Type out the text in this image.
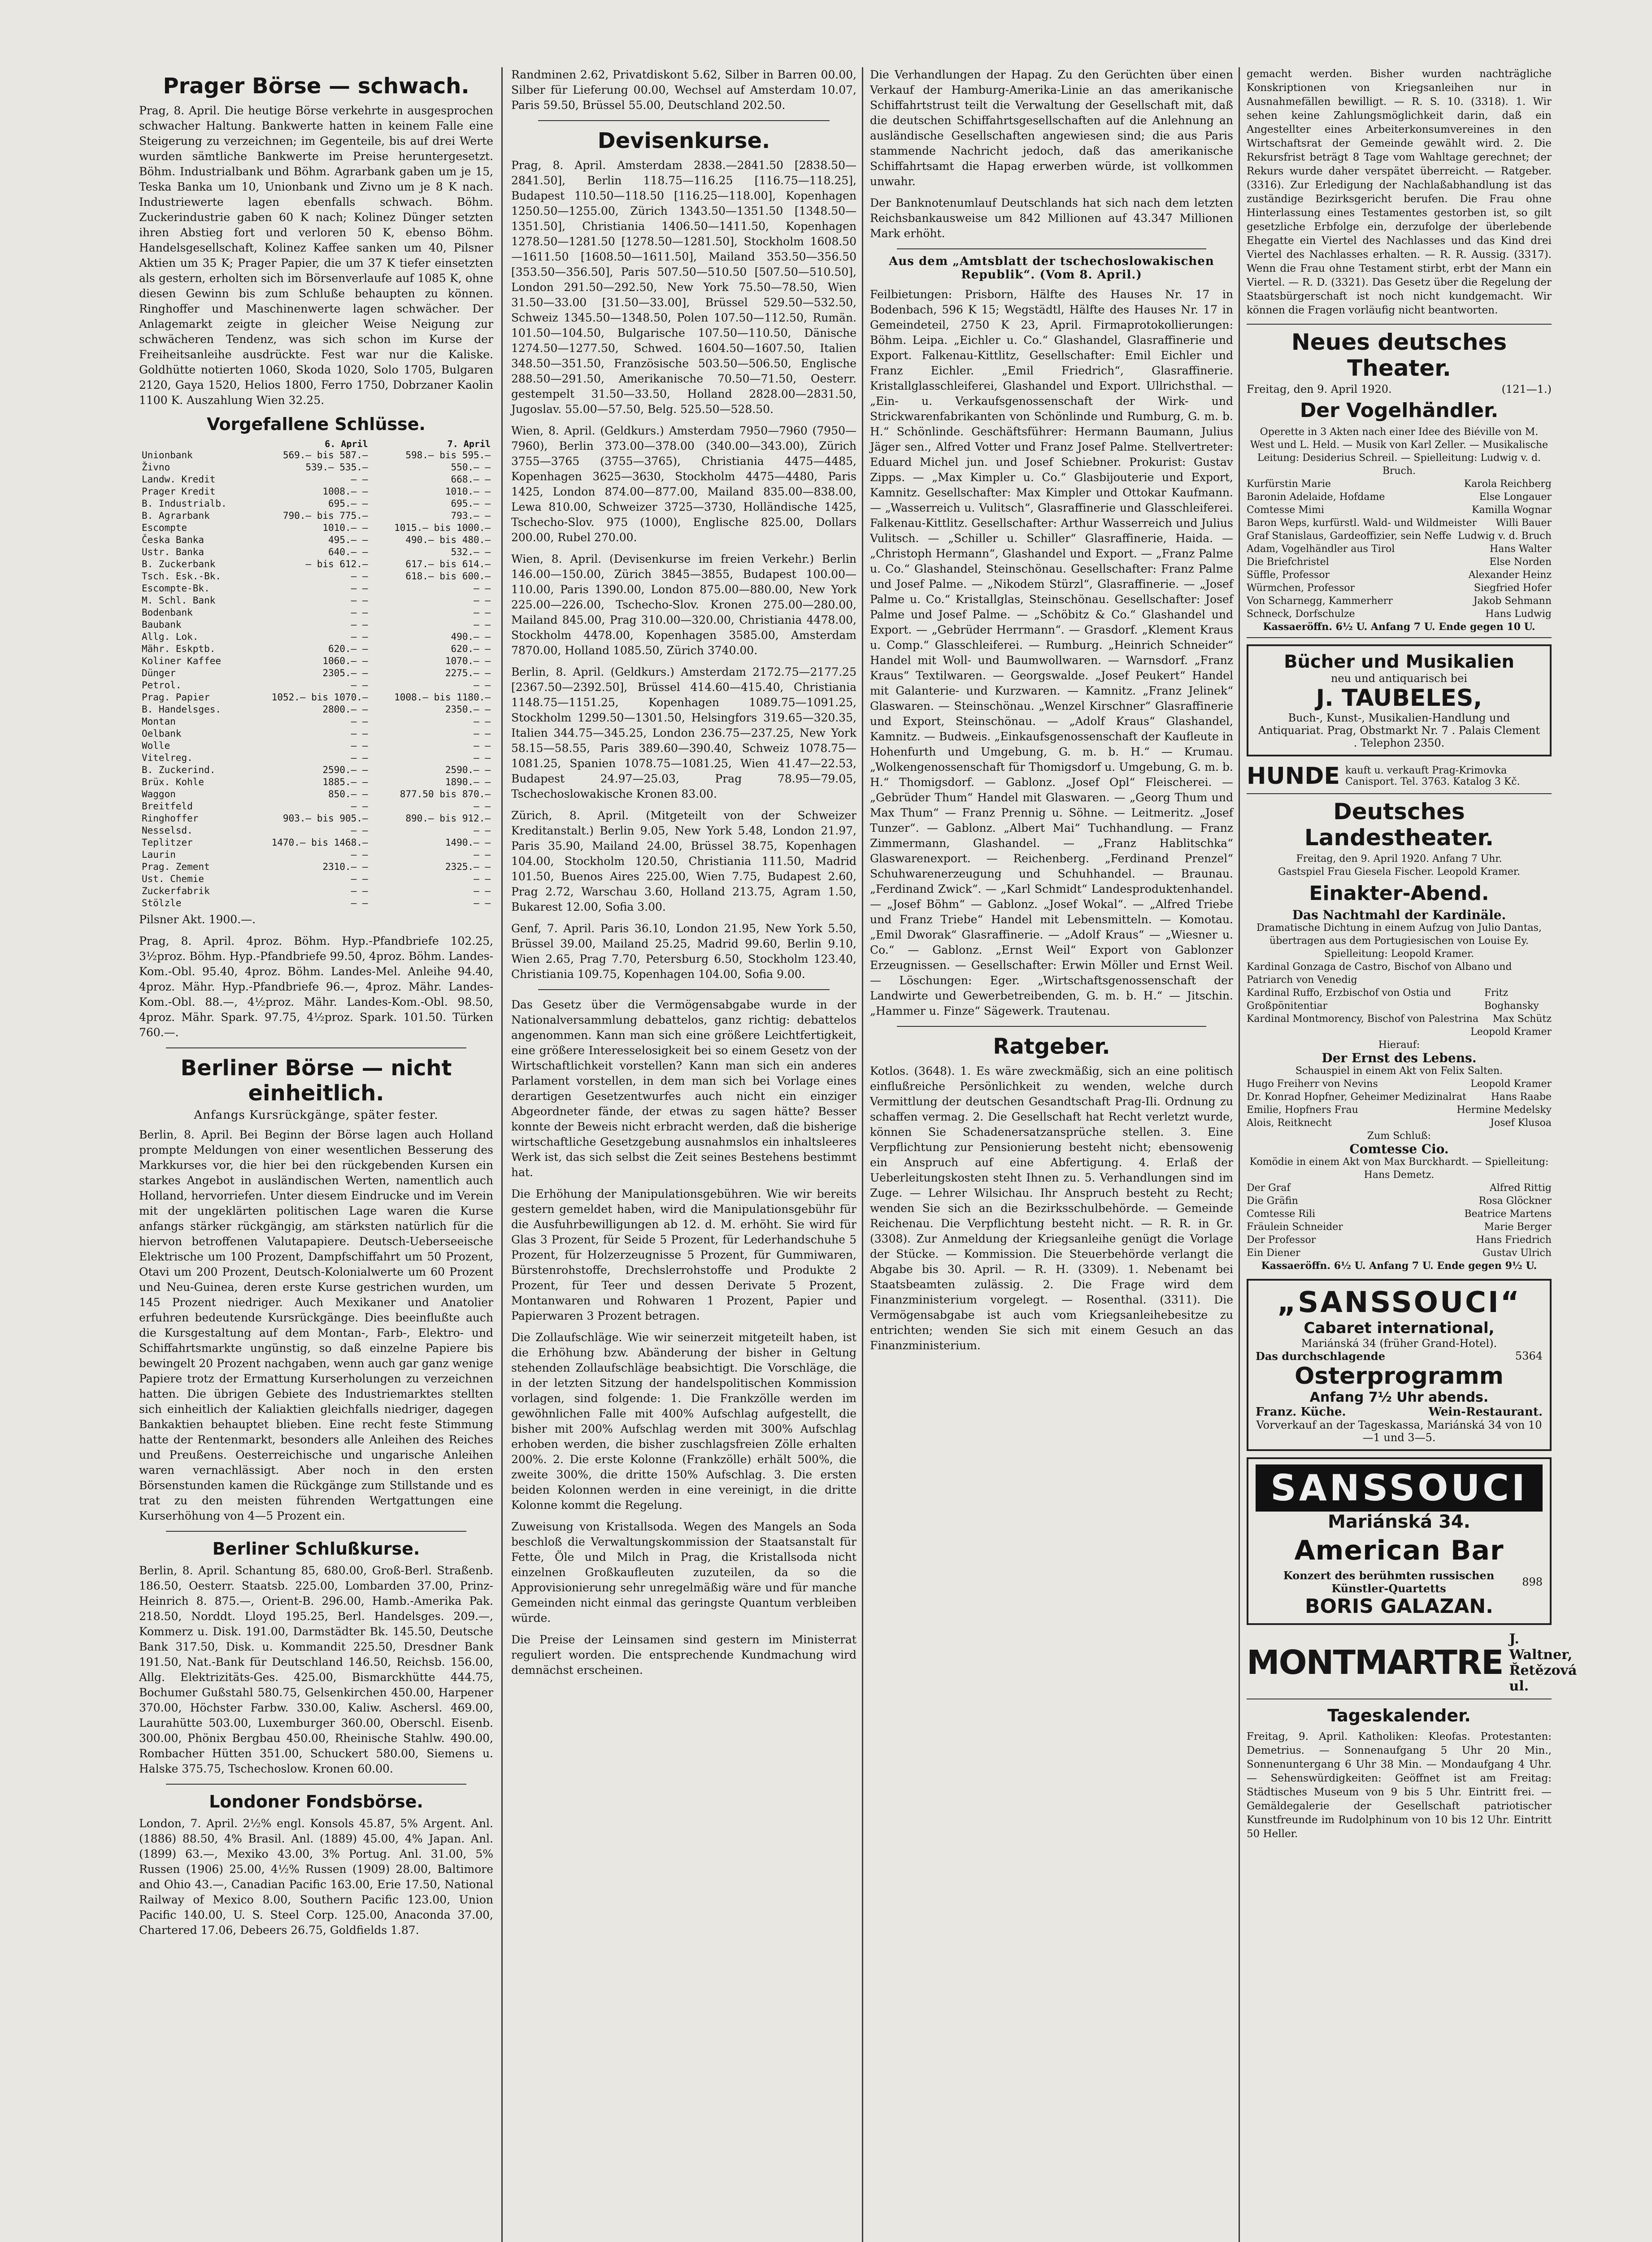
Prager Börse — schwach.

Prag, 8. April. Die heutige Börse verkehrte in ausgesprochen schwacher Haltung. Bankwerte hatten in keinem Falle eine Steigerung zu verzeichnen; im Gegenteile, bis auf drei Werte wurden sämtliche Bankwerte im Preise heruntergesetzt. Böhm. Industrialbank und Böhm. Agrarbank gaben um je 15, Teska Banka um 10, Unionbank und Zivno um je 8 K nach. Industriewerte lagen ebenfalls schwach. Böhm. Zuckerindustrie gaben 60 K nach; Kolinez Dünger setzten ihren Abstieg fort und verloren 50 K, ebenso Böhm. Handelsgesellschaft, Kolinez Kaffee sanken um 40, Pilsner Aktien um 35 K; Prager Papier, die um 37 K tiefer einsetzten als gestern, erholten sich im Börsenverlaufe auf 1085 K, ohne diesen Gewinn bis zum Schluße behaupten zu können. Ringhoffer und Maschinenwerte lagen schwächer. Der Anlagemarkt zeigte in gleicher Weise Neigung zur schwächeren Tendenz, was sich schon im Kurse der Freiheitsanleihe ausdrückte. Fest war nur die Kaliske. Goldhütte notierten 1060, Skoda 1020, Solo 1705, Bulgaren 2120, Gaya 1520, Helios 1800, Ferro 1750, Dobrzaner Kaolin 1100 K. Auszahlung Wien 32.25.

Vorgefallene Schlüsse.
	6. April	7. April
Unionbank	569.— bis 587.—	598.— bis 595.—
Živno	539.— 535.—	550.— —
Landw. Kredit	— —	668.— —
Prager Kredit	1008.— —	1010.— —
B. Industrialb.	695.— —	695.— —
B. Agrarbank	790.— bis 775.—	793.— —
Escompte	1010.— —	1015.— bis 1000.—
Česka Banka	495.— —	490.— bis 480.—
Ustr. Banka	640.— —	532.— —
B. Zuckerbank	— bis 612.—	617.— bis 614.—
Tsch. Esk.-Bk.	— —	618.— bis 600.—
Escompte-Bk.	— —	— —
M. Schl. Bank	— —	— —
Bodenbank	— —	— —
Baubank	— —	— —
Allg. Lok.	— —	490.— —
Mähr. Eskptb.	620.— —	620.— —
Koliner Kaffee	1060.— —	1070.— —
Dünger	2305.— —	2275.— —
Petrol.	— —	— —
Prag. Papier	1052.— bis 1070.—	1008.— bis 1180.—
B. Handelsges.	2800.— —	2350.— —
Montan	— —	— —
Oelbank	— —	— —
Wolle	— —	— —
Vitelreg.	— —	— —
B. Zuckerind.	2590.— —	2590.— —
Brüx. Kohle	1885.— —	1890.— —
Waggon	850.— —	877.50 bis 870.—
Breitfeld	— —	— —
Ringhoffer	903.— bis 905.—	890.— bis 912.—
Nesselsd.	— —	— —
Teplitzer	1470.— bis 1468.—	1490.— —
Laurin	— —	— —
Prag. Zement	2310.— —	2325.— —
Ust. Chemie	— —	— —
Zuckerfabrik	— —	— —
Stölzle	— —	— —

Pilsner Akt. 1900.—.

Prag, 8. April. 4proz. Böhm. Hyp.-Pfandbriefe 102.25, 3½proz. Böhm. Hyp.-Pfandbriefe 99.50, 4proz. Böhm. Landes-Kom.-Obl. 95.40, 4proz. Böhm. Landes-Mel. Anleihe 94.40, 4proz. Mähr. Hyp.-Pfandbriefe 96.—, 4proz. Mähr. Landes-Kom.-Obl. 88.—, 4½proz. Mähr. Landes-Kom.-Obl. 98.50, 4proz. Mähr. Spark. 97.75, 4½proz. Spark. 101.50. Türken 760.—.

Berliner Börse — nicht einheitlich.
Anfangs Kursrückgänge, später fester.

Berlin, 8. April. Bei Beginn der Börse lagen auch Holland prompte Meldungen von einer wesentlichen Besserung des Markkurses vor, die hier bei den rückgebenden Kursen ein starkes Angebot in ausländischen Werten, namentlich auch Holland, hervorriefen. Unter diesem Eindrucke und im Verein mit der ungeklärten politischen Lage waren die Kurse anfangs stärker rückgängig, am stärksten natürlich für die hiervon betroffenen Valutapapiere. Deutsch-Ueberseeische Elektrische um 100 Prozent, Dampfschiffahrt um 50 Prozent, Otavi um 200 Prozent, Deutsch-Kolonialwerte um 60 Prozent und Neu-Guinea, deren erste Kurse gestrichen wurden, um 145 Prozent niedriger. Auch Mexikaner und Anatolier erfuhren bedeutende Kursrückgänge. Dies beeinflußte auch die Kursgestaltung auf dem Montan-, Farb-, Elektro- und Schiffahrtsmarkte ungünstig, so daß einzelne Papiere bis bewingelt 20 Prozent nachgaben, wenn auch gar ganz wenige Papiere trotz der Ermattung Kurserholungen zu verzeichnen hatten. Die übrigen Gebiete des Industriemarktes stellten sich einheitlich der Kaliaktien gleichfalls niedriger, dagegen Bankaktien behauptet blieben. Eine recht feste Stimmung hatte der Rentenmarkt, besonders alle Anleihen des Reiches und Preußens. Oesterreichische und ungarische Anleihen waren vernachlässigt. Aber noch in den ersten Börsenstunden kamen die Rückgänge zum Stillstande und es trat zu den meisten führenden Wertgattungen eine Kurserhöhung von 4—5 Prozent ein.

Berliner Schlußkurse.

Berlin, 8. April. Schantung 85, 680.00, Groß-Berl. Straßenb. 186.50, Oesterr. Staatsb. 225.00, Lombarden 37.00, Prinz-Heinrich 8. 875.—, Orient-B. 296.00, Hamb.-Amerika Pak. 218.50, Norddt. Lloyd 195.25, Berl. Handelsges. 209.—, Kommerz u. Disk. 191.00, Darmstädter Bk. 145.50, Deutsche Bank 317.50, Disk. u. Kommandit 225.50, Dresdner Bank 191.50, Nat.-Bank für Deutschland 146.50, Reichsb. 156.00, Allg. Elektrizitäts-Ges. 425.00, Bismarckhütte 444.75, Bochumer Gußstahl 580.75, Gelsenkirchen 450.00, Harpener 370.00, Höchster Farbw. 330.00, Kaliw. Aschersl. 469.00, Laurahütte 503.00, Luxemburger 360.00, Oberschl. Eisenb. 300.00, Phönix Bergbau 450.00, Rheinische Stahlw. 490.00, Rombacher Hütten 351.00, Schuckert 580.00, Siemens u. Halske 375.75, Tschechoslow. Kronen 60.00.

Londoner Fondsbörse.

London, 7. April. 2½% engl. Konsols 45.87, 5% Argent. Anl. (1886) 88.50, 4% Brasil. Anl. (1889) 45.00, 4% Japan. Anl. (1899) 63.—, Mexiko 43.00, 3% Portug. Anl. 31.00, 5% Russen (1906) 25.00, 4½% Russen (1909) 28.00, Baltimore and Ohio 43.—, Canadian Pacific 163.00, Erie 17.50, National Railway of Mexico 8.00, Southern Pacific 123.00, Union Pacific 140.00, U. S. Steel Corp. 125.00, Anaconda 37.00, Chartered 17.06, Debeers 26.75, Goldfields 1.87.

Randminen 2.62, Privatdiskont 5.62, Silber in Barren 00.00, Silber für Lieferung 00.00, Wechsel auf Amsterdam 10.07, Paris 59.50, Brüssel 55.00, Deutschland 202.50.

Devisenkurse.

Prag, 8. April. Amsterdam 2838.—2841.50 [2838.50—2841.50], Berlin 118.75—116.25 [116.75—118.25], Budapest 110.50—118.50 [116.25—118.00], Kopenhagen 1250.50—1255.00, Zürich 1343.50—1351.50 [1348.50—1351.50], Christiania 1406.50—1411.50, Kopenhagen 1278.50—1281.50 [1278.50—1281.50], Stockholm 1608.50—1611.50 [1608.50—1611.50], Mailand 353.50—356.50 [353.50—356.50], Paris 507.50—510.50 [507.50—510.50], London 291.50—292.50, New York 75.50—78.50, Wien 31.50—33.00 [31.50—33.00], Brüssel 529.50—532.50, Schweiz 1345.50—1348.50, Polen 107.50—112.50, Rumän. 101.50—104.50, Bulgarische 107.50—110.50, Dänische 1274.50—1277.50, Schwed. 1604.50—1607.50, Italien 348.50—351.50, Französische 503.50—506.50, Englische 288.50—291.50, Amerikanische 70.50—71.50, Oesterr. gestempelt 31.50—33.50, Holland 2828.00—2831.50, Jugoslav. 55.00—57.50, Belg. 525.50—528.50.

Wien, 8. April. (Geldkurs.) Amsterdam 7950—7960 (7950—7960), Berlin 373.00—378.00 (340.00—343.00), Zürich 3755—3765 (3755—3765), Christiania 4475—4485, Kopenhagen 3625—3630, Stockholm 4475—4480, Paris 1425, London 874.00—877.00, Mailand 835.00—838.00, Lewa 810.00, Schweizer 3725—3730, Holländische 1425, Tschecho-Slov. 975 (1000), Englische 825.00, Dollars 200.00, Rubel 270.00.

Wien, 8. April. (Devisenkurse im freien Verkehr.) Berlin 146.00—150.00, Zürich 3845—3855, Budapest 100.00—110.00, Paris 1390.00, London 875.00—880.00, New York 225.00—226.00, Tschecho-Slov. Kronen 275.00—280.00, Mailand 845.00, Prag 310.00—320.00, Christiania 4478.00, Stockholm 4478.00, Kopenhagen 3585.00, Amsterdam 7870.00, Holland 1085.50, Zürich 3740.00.

Berlin, 8. April. (Geldkurs.) Amsterdam 2172.75—2177.25 [2367.50—2392.50], Brüssel 414.60—415.40, Christiania 1148.75—1151.25, Kopenhagen 1089.75—1091.25, Stockholm 1299.50—1301.50, Helsingfors 319.65—320.35, Italien 344.75—345.25, London 236.75—237.25, New York 58.15—58.55, Paris 389.60—390.40, Schweiz 1078.75—1081.25, Spanien 1078.75—1081.25, Wien 41.47—22.53, Budapest 24.97—25.03, Prag 78.95—79.05, Tschechoslowakische Kronen 83.00.

Zürich, 8. April. (Mitgeteilt von der Schweizer Kreditanstalt.) Berlin 9.05, New York 5.48, London 21.97, Paris 35.90, Mailand 24.00, Brüssel 38.75, Kopenhagen 104.00, Stockholm 120.50, Christiania 111.50, Madrid 101.50, Buenos Aires 225.00, Wien 7.75, Budapest 2.60, Prag 2.72, Warschau 3.60, Holland 213.75, Agram 1.50, Bukarest 12.00, Sofia 3.00.

Genf, 7. April. Paris 36.10, London 21.95, New York 5.50, Brüssel 39.00, Mailand 25.25, Madrid 99.60, Berlin 9.10, Wien 2.65, Prag 7.70, Petersburg 6.50, Stockholm 123.40, Christiania 109.75, Kopenhagen 104.00, Sofia 9.00.

Das Gesetz über die Vermögensabgabe wurde in der Nationalversammlung debattelos, ganz richtig: debattelos angenommen. Kann man sich eine größere Leichtfertigkeit, eine größere Interesselosigkeit bei so einem Gesetz von der Wirtschaftlichkeit vorstellen? Kann man sich ein anderes Parlament vorstellen, in dem man sich bei Vorlage eines derartigen Gesetzentwurfes auch nicht ein einziger Abgeordneter fände, der etwas zu sagen hätte? Besser konnte der Beweis nicht erbracht werden, daß die bisherige wirtschaftliche Gesetzgebung ausnahmslos ein inhaltsleeres Werk ist, das sich selbst die Zeit seines Bestehens bestimmt hat.

Die Erhöhung der Manipulationsgebühren. Wie wir bereits gestern gemeldet haben, wird die Manipulationsgebühr für die Ausfuhrbewilligungen ab 12. d. M. erhöht. Sie wird für Glas 3 Prozent, für Seide 5 Prozent, für Lederhandschuhe 5 Prozent, für Holzerzeugnisse 5 Prozent, für Gummiwaren, Bürstenrohstoffe, Drechslerrohstoffe und Produkte 2 Prozent, für Teer und dessen Derivate 5 Prozent, Montanwaren und Rohwaren 1 Prozent, Papier und Papierwaren 3 Prozent betragen.

Die Zollaufschläge. Wie wir seinerzeit mitgeteilt haben, ist die Erhöhung bzw. Abänderung der bisher in Geltung stehenden Zollaufschläge beabsichtigt. Die Vorschläge, die in der letzten Sitzung der handelspolitischen Kommission vorlagen, sind folgende: 1. Die Frankzölle werden im gewöhnlichen Falle mit 400% Aufschlag aufgestellt, die bisher mit 200% Aufschlag werden mit 300% Aufschlag erhoben werden, die bisher zuschlagsfreien Zölle erhalten 200%. 2. Die erste Kolonne (Frankzölle) erhält 500%, die zweite 300%, die dritte 150% Aufschlag. 3. Die ersten beiden Kolonnen werden in eine vereinigt, in die dritte Kolonne kommt die Regelung.

Zuweisung von Kristallsoda. Wegen des Mangels an Soda beschloß die Verwaltungskommission der Staatsanstalt für Fette, Öle und Milch in Prag, die Kristallsoda nicht einzelnen Großkaufleuten zuzuteilen, da so die Approvisionierung sehr unregelmäßig wäre und für manche Gemeinden nicht einmal das geringste Quantum verbleiben würde.

Die Preise der Leinsamen sind gestern im Ministerrat reguliert worden. Die entsprechende Kundmachung wird demnächst erscheinen.

Die Verhandlungen der Hapag. Zu den Gerüchten über einen Verkauf der Hamburg-Amerika-Linie an das amerikanische Schiffahrtstrust teilt die Verwaltung der Gesellschaft mit, daß die deutschen Schiffahrtsgesellschaften auf die Anlehnung an ausländische Gesellschaften angewiesen sind; die aus Paris stammende Nachricht jedoch, daß das amerikanische Schiffahrtsamt die Hapag erwerben würde, ist vollkommen unwahr.

Der Banknotenumlauf Deutschlands hat sich nach dem letzten Reichsbankausweise um 842 Millionen auf 43.347 Millionen Mark erhöht.

Aus dem „Amtsblatt der tschechoslowakischen Republik“. (Vom 8. April.)

Feilbietungen: Prisborn, Hälfte des Hauses Nr. 17 in Bodenbach, 596 K 15; Wegstädtl, Hälfte des Hauses Nr. 17 in Gemeindeteil, 2750 K 23, April. Firmaprotokollierungen: Böhm. Leipa. „Eichler u. Co.“ Glashandel, Glasraffinerie und Export. Falkenau-Kittlitz, Gesellschafter: Emil Eichler und Franz Eichler. „Emil Friedrich“, Glasraffinerie. Kristallglasschleiferei, Glashandel und Export. Ullrichsthal. — „Ein- u. Verkaufsgenossenschaft der Wirk- und Strickwarenfabrikanten von Schönlinde und Rumburg, G. m. b. H.“ Schönlinde. Geschäftsführer: Hermann Baumann, Julius Jäger sen., Alfred Votter und Franz Josef Palme. Stellvertreter: Eduard Michel jun. und Josef Schiebner. Prokurist: Gustav Zipps. — „Max Kimpler u. Co.“ Glasbijouterie und Export, Kamnitz. Gesellschafter: Max Kimpler und Ottokar Kaufmann. — „Wasserreich u. Vulitsch“, Glasraffinerie und Glasschleiferei. Falkenau-Kittlitz. Gesellschafter: Arthur Wasserreich und Julius Vulitsch. — „Schiller u. Schiller“ Glasraffinerie, Haida. — „Christoph Hermann“, Glashandel und Export. — „Franz Palme u. Co.“ Glashandel, Steinschönau. Gesellschafter: Franz Palme und Josef Palme. — „Nikodem Stürzl“, Glasraffinerie. — „Josef Palme u. Co.“ Kristallglas, Steinschönau. Gesellschafter: Josef Palme und Josef Palme. — „Schöbitz & Co.“ Glashandel und Export. — „Gebrüder Herrmann“. — Grasdorf. „Klement Kraus u. Comp.“ Glasschleiferei. — Rumburg. „Heinrich Schneider“ Handel mit Woll- und Baumwollwaren. — Warnsdorf. „Franz Kraus“ Textilwaren. — Georgswalde. „Josef Peukert“ Handel mit Galanterie- und Kurzwaren. — Kamnitz. „Franz Jelinek“ Glaswaren. — Steinschönau. „Wenzel Kirschner“ Glasraffinerie und Export, Steinschönau. — „Adolf Kraus“ Glashandel, Kamnitz. — Budweis. „Einkaufsgenossenschaft der Kaufleute in Hohenfurth und Umgebung, G. m. b. H.“ — Krumau. „Wolkengenossenschaft für Thomigsdorf u. Umgebung, G. m. b. H.“ Thomigsdorf. — Gablonz. „Josef Opl“ Fleischerei. — „Gebrüder Thum“ Handel mit Glaswaren. — „Georg Thum und Max Thum“ — Franz Prennig u. Söhne. — Leitmeritz. „Josef Tunzer“. — Gablonz. „Albert Mai“ Tuchhandlung. — Franz Zimmermann, Glashandel. — „Franz Hablitschka“ Glaswarenexport. — Reichenberg. „Ferdinand Prenzel“ Schuhwarenerzeugung und Schuhhandel. — Braunau. „Ferdinand Zwick“. — „Karl Schmidt“ Landesproduktenhandel. — „Josef Böhm“ — Gablonz. „Josef Wokal“. — „Alfred Triebe und Franz Triebe“ Handel mit Lebensmitteln. — Komotau. „Emil Dworak“ Glasraffinerie. — „Adolf Kraus“ — „Wiesner u. Co.“ — Gablonz. „Ernst Weil“ Export von Gablonzer Erzeugnissen. — Gesellschafter: Erwin Möller und Ernst Weil. — Löschungen: Eger. „Wirtschaftsgenossenschaft der Landwirte und Gewerbetreibenden, G. m. b. H.“ — Jitschin. „Hammer u. Finze“ Sägewerk. Trautenau.

Ratgeber.

Kotlos. (3648). 1. Es wäre zweckmäßig, sich an eine politisch einflußreiche Persönlichkeit zu wenden, welche durch Vermittlung der deutschen Gesandtschaft Prag-Ili. Ordnung zu schaffen vermag. 2. Die Gesellschaft hat Recht verletzt wurde, können Sie Schadenersatzansprüche stellen. 3. Eine Verpflichtung zur Pensionierung besteht nicht; ebensowenig ein Anspruch auf eine Abfertigung. 4. Erlaß der Ueberleitungskosten steht Ihnen zu. 5. Verhandlungen sind im Zuge. — Lehrer Wilsichau. Ihr Anspruch besteht zu Recht; wenden Sie sich an die Bezirksschulbehörde. — Gemeinde Reichenau. Die Verpflichtung besteht nicht. — R. R. in Gr. (3308). Zur Anmeldung der Kriegsanleihe genügt die Vorlage der Stücke. — Kommission. Die Steuerbehörde verlangt die Abgabe bis 30. April. — R. H. (3309). 1. Nebenamt bei Staatsbeamten zulässig. 2. Die Frage wird dem Finanzministerium vorgelegt. — Rosenthal. (3311). Die Vermögensabgabe ist auch vom Kriegsanleihebesitze zu entrichten; wenden Sie sich mit einem Gesuch an das Finanzministerium.

gemacht werden. Bisher wurden nachträgliche Konskriptionen von Kriegsanleihen nur in Ausnahmefällen bewilligt. — R. S. 10. (3318). 1. Wir sehen keine Zahlungsmöglichkeit darin, daß ein Angestellter eines Arbeiterkonsumvereines in den Wirtschaftsrat der Gemeinde gewählt wird. 2. Die Rekursfrist beträgt 8 Tage vom Wahltage gerechnet; der Rekurs wurde daher verspätet überreicht. — Ratgeber. (3316). Zur Erledigung der Nachlaßabhandlung ist das zuständige Bezirksgericht berufen. Die Frau ohne Hinterlassung eines Testamentes gestorben ist, so gilt gesetzliche Erbfolge ein, derzufolge der überlebende Ehegatte ein Viertel des Nachlasses und das Kind drei Viertel des Nachlasses erhalten. — R. R. Aussig. (3317). Wenn die Frau ohne Testament stirbt, erbt der Mann ein Viertel. — R. D. (3321). Das Gesetz über die Regelung der Staatsbürgerschaft ist noch nicht kundgemacht. Wir können die Fragen vorläufig nicht beantworten.

Neues deutsches Theater.
Freitag, den 9. April 1920.	(121—1.)
Der Vogelhändler.
Operette in 3 Akten nach einer Idee des Biéville von M. West und L. Held. — Musik von Karl Zeller. — Musikalische Leitung: Desiderius Schreil. — Spielleitung: Ludwig v. d. Bruch.
Kurfürstin Marie	Karola Reichberg
Baronin Adelaide, Hofdame	Else Longauer
Comtesse Mimi	Kamilla Wognar
Baron Weps, kurfürstl. Wald- und Wildmeister Willi Bauer
Graf Stanislaus, Gardeoffizier, sein Neffe Ludwig v. d. Bruch
Adam, Vogelhändler aus Tirol	Hans Walter
Die Briefchristel	Else Norden
Süffle, Professor	Alexander Heinz
Würmchen, Professor	Siegfried Hofer
Von Scharnegg, Kammerherr	Jakob Sehmann
Schneck, Dorfschulze	Hans Ludwig
Kassaeröffn. 6½ U. Anfang 7 U. Ende gegen 10 U.
Bücher und Musikalien
neu und antiquarisch bei
J. TAUBELES,
Buch-, Kunst-, Musikalien-Handlung und Antiquariat. Prag, Obstmarkt Nr. 7 . Palais Clement . Telephon 2350.
HUNDE kauft u. verkauft Prag-Krimovka Canisport. Tel. 3763. Katalog 3 Kč.
Deutsches Landestheater.
Freitag, den 9. April 1920. Anfang 7 Uhr.
Gastspiel Frau Giesela Fischer. Leopold Kramer.
Einakter-Abend.
Das Nachtmahl der Kardinäle.
Dramatische Dichtung in einem Aufzug von Julio Dantas, übertragen aus dem Portugiesischen von Louise Ey. Spielleitung: Leopold Kramer.
Kardinal Gonzaga de Castro, Bischof von Albano und Patriarch von Venedig
Kardinal Ruffo, Erzbischof von Ostia und Großpönitentiar
Fritz Boghansky
Kardinal Montmorency, Bischof von Palestrina Max Schütz
Leopold Kramer
Hierauf:
Der Ernst des Lebens.
Schauspiel in einem Akt von Felix Salten.
Hugo Freiherr von Nevins	Leopold Kramer
Dr. Konrad Hopfner, Geheimer Medizinalrat Hans Raabe
Emilie, Hopfners Frau	Hermine Medelsky
Alois, Reitknecht	Josef Klusoa
Zum Schluß:
Comtesse Cio.
Komödie in einem Akt von Max Burckhardt. — Spielleitung: Hans Demetz.
Der Graf	Alfred Rittig
Die Gräfin	Rosa Glöckner
Comtesse Rili	Beatrice Martens
Fräulein Schneider	Marie Berger
Der Professor	Hans Friedrich
Ein Diener	Gustav Ulrich
Kassaeröffn. 6½ U. Anfang 7 U. Ende gegen 9½ U.
„SANSSOUCI“
Cabaret international,
Mariánská 34 (früher Grand-Hotel).
Das durchschlagende	5364
Osterprogramm
Anfang 7½ Uhr abends.
Franz. Küche.	Wein-Restaurant.
Vorverkauf an der Tageskassa, Mariánská 34 von 10—1 und 3—5.
SANSSOUCI
Mariánská 34.
American Bar
Konzert des berühmten russischen Künstler-Quartetts	898
BORIS GALAZAN.
MONTMARTRE
J. Waltner, Řetězová ul.
Tageskalender.

Freitag, 9. April. Katholiken: Kleofas. Protestanten: Demetrius. — Sonnenaufgang 5 Uhr 20 Min., Sonnenuntergang 6 Uhr 38 Min. — Mondaufgang 4 Uhr. — Sehenswürdigkeiten: Geöffnet ist am Freitag: Städtisches Museum von 9 bis 5 Uhr. Eintritt frei. — Gemäldegalerie der Gesellschaft patriotischer Kunstfreunde im Rudolphinum von 10 bis 12 Uhr. Eintritt 50 Heller.
